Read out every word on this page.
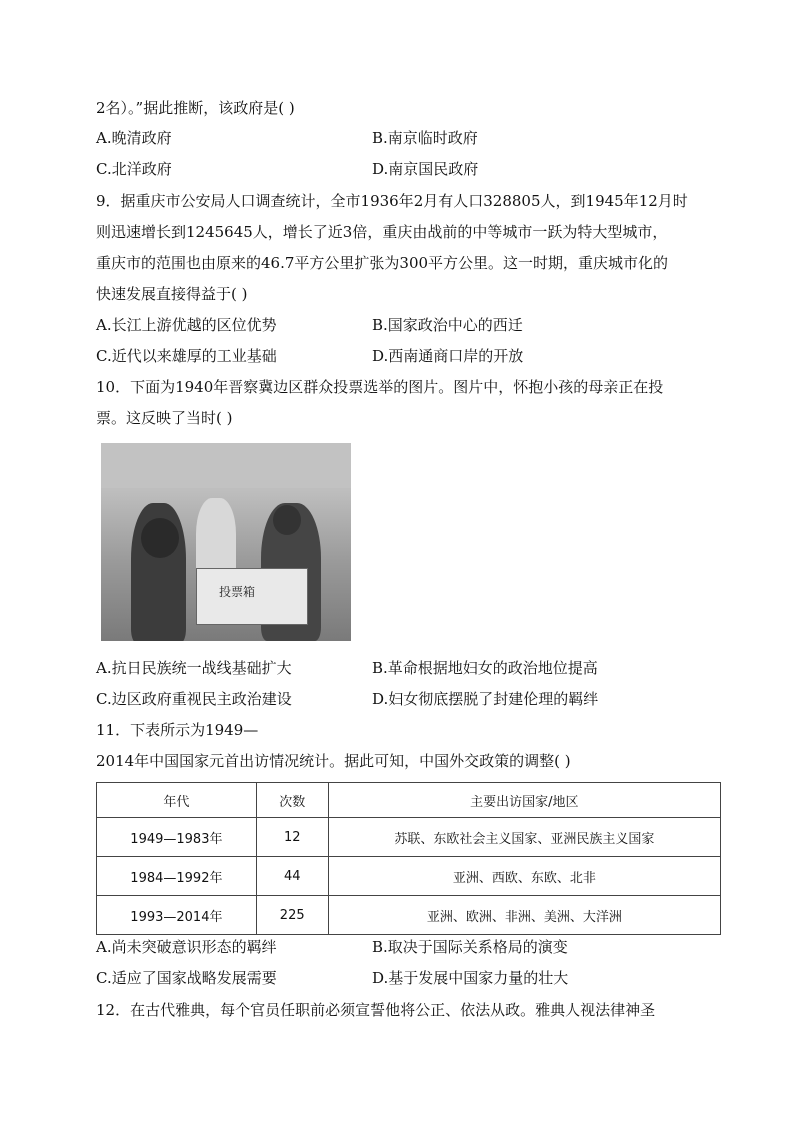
2名）。”据此推断，该政府是( )
A.晚清政府	B.南京临时政府
C.北洋政府	D.南京国民政府
9．据重庆市公安局人口调查统计，全市1936年2月有人口328805人，到1945年12月时
则迅速增长到1245645人，增长了近3倍，重庆由战前的中等城市一跃为特大型城市，
重庆市的范围也由原来的46.7平方公里扩张为300平方公里。这一时期，重庆城市化的
快速发展直接得益于( )
A.长江上游优越的区位优势	B.国家政治中心的西迁
C.近代以来雄厚的工业基础	D.西南通商口岸的开放
10．下面为1940年晋察冀边区群众投票选举的图片。图片中，怀抱小孩的母亲正在投
票。这反映了当时( )
投票箱
A.抗日民族统一战线基础扩大	B.革命根据地妇女的政治地位提高
C.边区政府重视民主政治建设	D.妇女彻底摆脱了封建伦理的羁绊
11．下表所示为1949—
2014年中国国家元首出访情况统计。据此可知，中国外交政策的调整( )
年代	次数	主要出访国家/地区
1949—1983年	12	苏联、东欧社会主义国家、亚洲民族主义国家
1984—1992年	44	亚洲、西欧、东欧、北非
1993—2014年	225	亚洲、欧洲、非洲、美洲、大洋洲
A.尚未突破意识形态的羁绊	B.取决于国际关系格局的演变
C.适应了国家战略发展需要	D.基于发展中国家力量的壮大
12．在古代雅典，每个官员任职前必须宣誓他将公正、依法从政。雅典人视法律神圣
